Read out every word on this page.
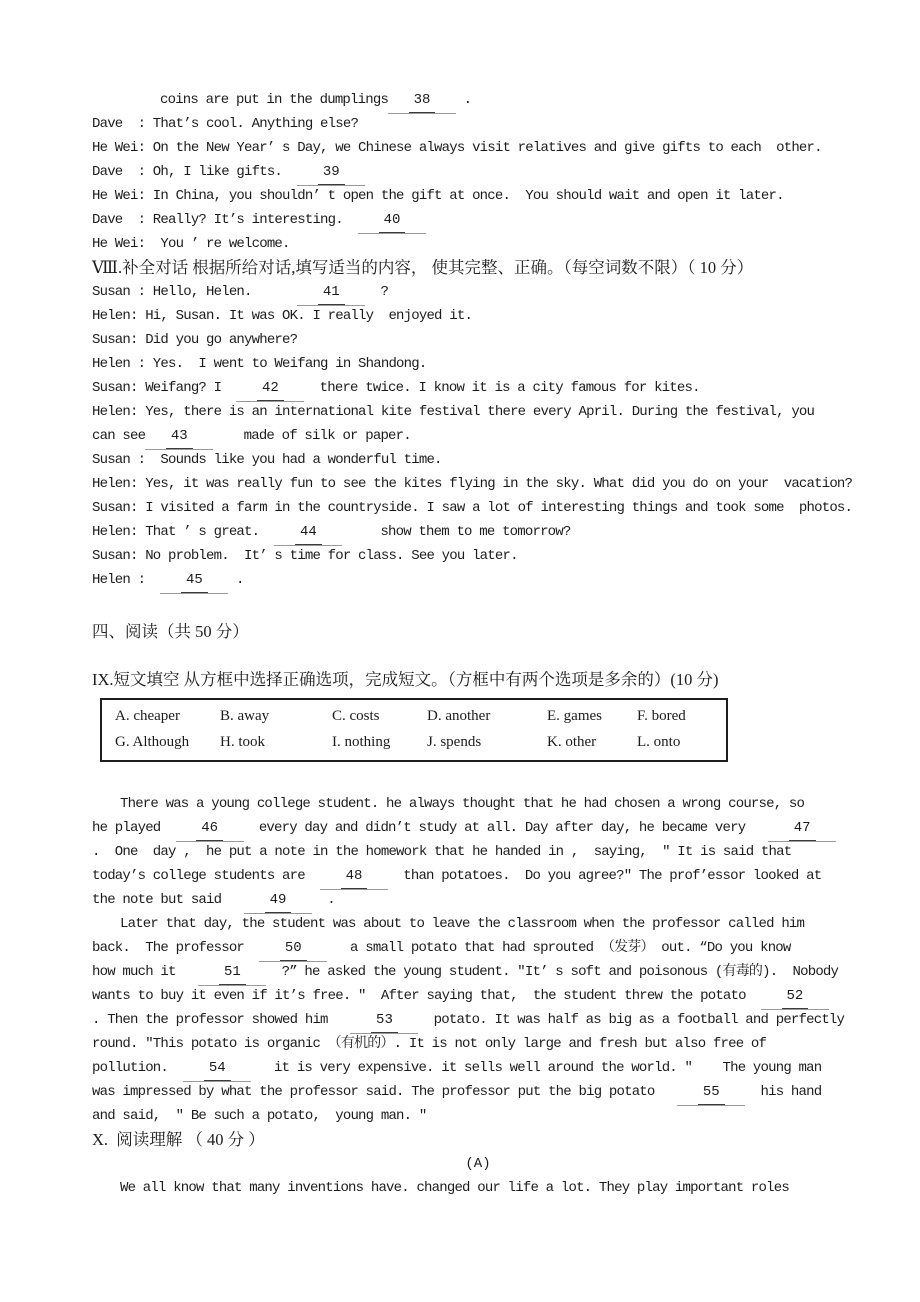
coins are put in the dumplings 38 .
Dave  : That’s cool. Anything else?
He Wei: On the New Year’ s Day, we Chinese always visit relatives and give gifts to each  other.
Dave  : Oh, I like gifts.  39
He Wei: In China, you shouldn’ t open the gift at once.  You should wait and open it later.
Dave  : Really? It’s interesting.  40
He Wei:  You ’ re welcome.
Ⅷ.补全对话 根据所给对话,填写适当的内容， 使其完整、正确。（每空词数不限）（ 10 分）
Susan : Hello, Helen.      41  ?
Helen: Hi, Susan. It was OK. I really  enjoyed it.
Susan: Did you go anywhere?
Helen : Yes.  I went to Weifang in Shandong.
Susan: Weifang? I  42  there twice. I know it is a city famous for kites.
Helen: Yes, there is an international kite festival there every April. During the festival, you
can see 43    made of silk or paper.
Susan :  Sounds like you had a wonderful time.
Helen: Yes, it was really fun to see the kites flying in the sky. What did you do on your  vacation?
Susan: I visited a farm in the countryside. I saw a lot of interesting things and took some  photos.
Helen: That ’ s great.  44     show them to me tomorrow?
Susan: No problem.  It’ s time for class. See you later.
Helen :  45 .
四、阅读（共 50 分）
IX.短文填空 从方框中选择正确选项，完成短文。（方框中有两个选项是多余的）(10 分)
A. cheaper	B. away	C. costs	D. another	E. games F. bored
G. Although H. took	I. nothing J. spends	K. other	L. onto
There was a young college student. he always thought that he had chosen a wrong course, so
he played  46  every day and didn’t study at all. Day after day, he became very   47
.  One  day ,  he put a note in the homework that he handed in ,  saying,  ″ It is said that
today’s college students are  48  than potatoes.  Do you agree?″ The prof’essor looked at
the note but said   49  .
Later that day, the student was about to leave the classroom when the professor called him
back.  The professor  50   a small potato that had sprouted （发芽） out. “Do you know
how much it   51  ?” he asked the young student. ″It’ s soft and poisonous (有毒的).  Nobody
wants to buy it even if it’s free. ″  After saying that,  the student threw the potato  52
. Then the professor showed him   53  potato. It was half as big as a football and perfectly
round. ″This potato is organic （有机的）. It is not only large and fresh but also free of
pollution.  54   it is very expensive. it sells well around the world. ″    The young man
was impressed by what the professor said. The professor put the big potato   55  his hand
and said,  ″ Be such a potato,  young man. ″
X.  阅读理解 （ 40 分 ）
(A)
We all know that many inventions have. changed our life a lot. They play important roles
